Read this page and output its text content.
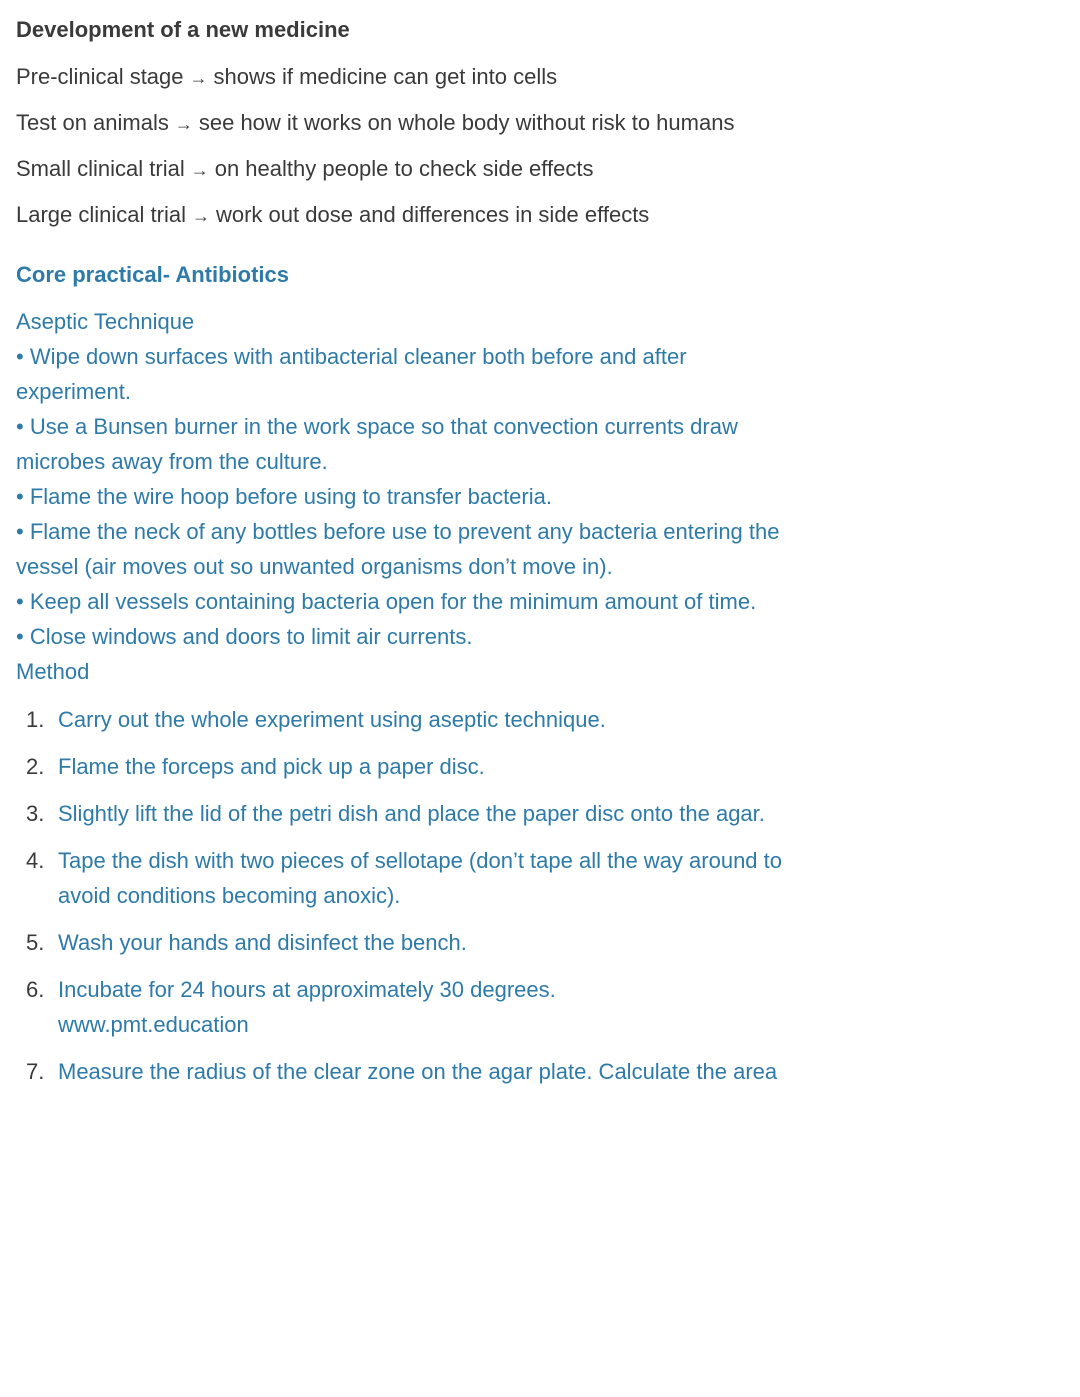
Development of a new medicine
Pre-clinical stage → shows if medicine can get into cells
Test on animals → see how it works on whole body without risk to humans
Small clinical trial → on healthy people to check side effects
Large clinical trial → work out dose and differences in side effects
Core practical- Antibiotics
Aseptic Technique
• Wipe down surfaces with antibacterial cleaner both before and after
experiment.
• Use a Bunsen burner in the work space so that convection currents draw
microbes away from the culture.
• Flame the wire hoop before using to transfer bacteria.
• Flame the neck of any bottles before use to prevent any bacteria entering the
vessel (air moves out so unwanted organisms don’t move in).
• Keep all vessels containing bacteria open for the minimum amount of time.
• Close windows and doors to limit air currents.
Method
1. Carry out the whole experiment using aseptic technique.
2. Flame the forceps and pick up a paper disc.
3. Slightly lift the lid of the petri dish and place the paper disc onto the agar.
4. Tape the dish with two pieces of sellotape (don’t tape all the way around to
avoid conditions becoming anoxic).
5. Wash your hands and disinfect the bench.
6. Incubate for 24 hours at approximately 30 degrees.
www.pmt.education
7. Measure the radius of the clear zone on the agar plate. Calculate the area
